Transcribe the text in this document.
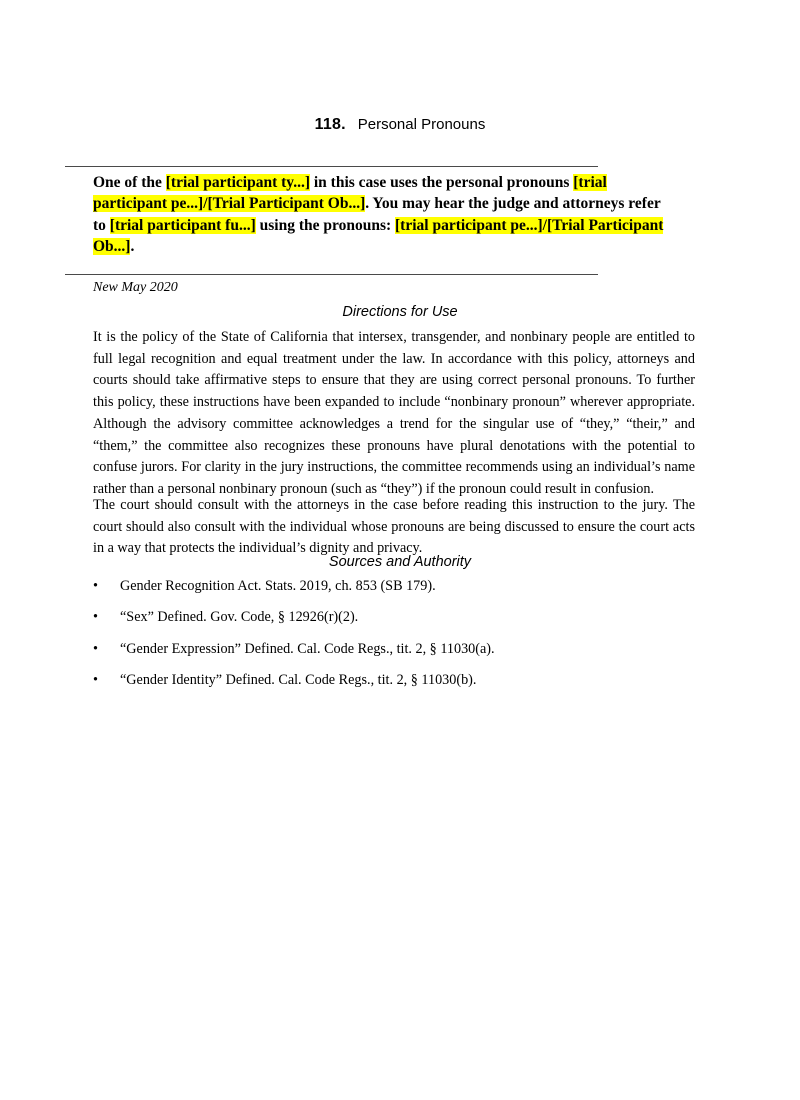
118. Personal Pronouns
One of the [trial participant ty...] in this case uses the personal pronouns [trial participant pe...]/[Trial Participant Ob...]. You may hear the judge and attorneys refer to [trial participant fu...] using the pronouns: [trial participant pe...]/[Trial Participant Ob...].
New May 2020
Directions for Use
It is the policy of the State of California that intersex, transgender, and nonbinary people are entitled to full legal recognition and equal treatment under the law. In accordance with this policy, attorneys and courts should take affirmative steps to ensure that they are using correct personal pronouns. To further this policy, these instructions have been expanded to include “nonbinary pronoun” wherever appropriate. Although the advisory committee acknowledges a trend for the singular use of “they,” “their,” and “them,” the committee also recognizes these pronouns have plural denotations with the potential to confuse jurors. For clarity in the jury instructions, the committee recommends using an individual’s name rather than a personal nonbinary pronoun (such as “they”) if the pronoun could result in confusion.
The court should consult with the attorneys in the case before reading this instruction to the jury. The court should also consult with the individual whose pronouns are being discussed to ensure the court acts in a way that protects the individual’s dignity and privacy.
Sources and Authority
•	Gender Recognition Act. Stats. 2019, ch. 853 (SB 179).
•	“Sex” Defined. Gov. Code, § 12926(r)(2).
•	“Gender Expression” Defined. Cal. Code Regs., tit. 2, § 11030(a).
•	“Gender Identity” Defined. Cal. Code Regs., tit. 2, § 11030(b).
